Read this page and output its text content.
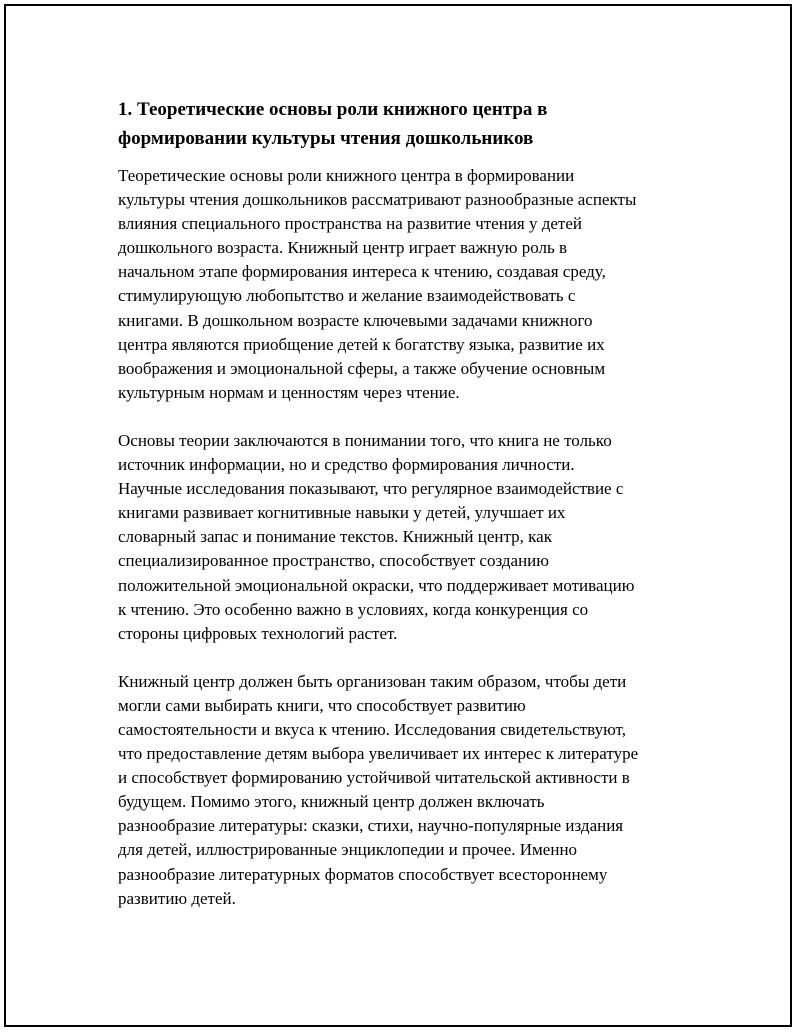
1. Теоретические основы роли книжного центра в
формировании культуры чтения дошкольников
Теоретические основы роли книжного центра в формировании
культуры чтения дошкольников рассматривают разнообразные аспекты
влияния специального пространства на развитие чтения у детей
дошкольного возраста. Книжный центр играет важную роль в
начальном этапе формирования интереса к чтению, создавая среду,
стимулирующую любопытство и желание взаимодействовать с
книгами. В дошкольном возрасте ключевыми задачами книжного
центра являются приобщение детей к богатству языка, развитие их
воображения и эмоциональной сферы, а также обучение основным
культурным нормам и ценностям через чтение.
Основы теории заключаются в понимании того, что книга не только
источник информации, но и средство формирования личности.
Научные исследования показывают, что регулярное взаимодействие с
книгами развивает когнитивные навыки у детей, улучшает их
словарный запас и понимание текстов. Книжный центр, как
специализированное пространство, способствует созданию
положительной эмоциональной окраски, что поддерживает мотивацию
к чтению. Это особенно важно в условиях, когда конкуренция со
стороны цифровых технологий растет.
Книжный центр должен быть организован таким образом, чтобы дети
могли сами выбирать книги, что способствует развитию
самостоятельности и вкуса к чтению. Исследования свидетельствуют,
что предоставление детям выбора увеличивает их интерес к литературе
и способствует формированию устойчивой читательской активности в
будущем. Помимо этого, книжный центр должен включать
разнообразие литературы: сказки, стихи, научно-популярные издания
для детей, иллюстрированные энциклопедии и прочее. Именно
разнообразие литературных форматов способствует всестороннему
развитию детей.
